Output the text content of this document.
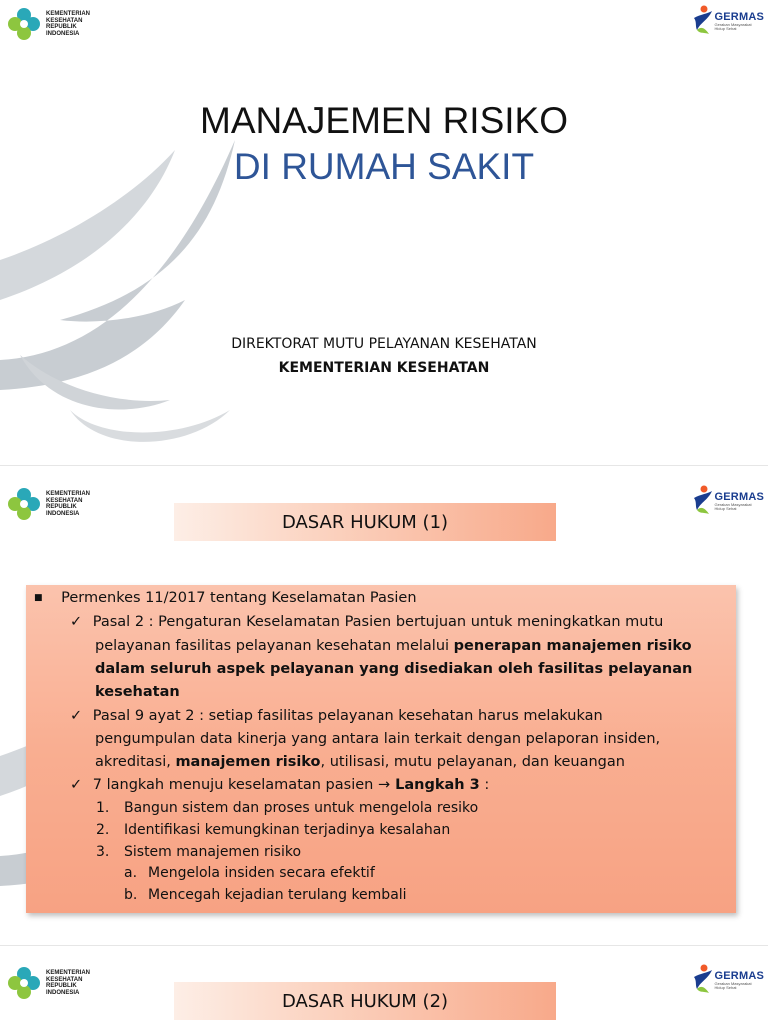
KEMENTERIAN
KESEHATAN
REPUBLIK
INDONESIA
GERMAS
Gerakan Masyarakat Hidup Sehat
MANAJEMEN RISIKO
DI RUMAH SAKIT
DIREKTORAT MUTU PELAYANAN KESEHATAN
KEMENTERIAN KESEHATAN
KEMENTERIAN
KESEHATAN
REPUBLIK
INDONESIA
GERMAS
Gerakan Masyarakat Hidup Sehat
DASAR HUKUM (1)
■ Permenkes 11/2017 tentang Keselamatan Pasien
✓ Pasal 2 : Pengaturan Keselamatan Pasien bertujuan untuk meningkatkan mutu
pelayanan fasilitas pelayanan kesehatan melalui penerapan manajemen risiko
dalam seluruh aspek pelayanan yang disediakan oleh fasilitas pelayanan
kesehatan
✓ Pasal 9 ayat 2 : setiap fasilitas pelayanan kesehatan harus melakukan
pengumpulan data kinerja yang antara lain terkait dengan pelaporan insiden,
akreditasi, manajemen risiko, utilisasi, mutu pelayanan, dan keuangan
✓ 7 langkah menuju keselamatan pasien → Langkah 3 :
1. Bangun sistem dan proses untuk mengelola resiko
2. Identifikasi kemungkinan terjadinya kesalahan
3. Sistem manajemen risiko
a. Mengelola insiden secara efektif
b. Mencegah kejadian terulang kembali
KEMENTERIAN
KESEHATAN
REPUBLIK
INDONESIA
GERMAS
Gerakan Masyarakat Hidup Sehat
DASAR HUKUM (2)
